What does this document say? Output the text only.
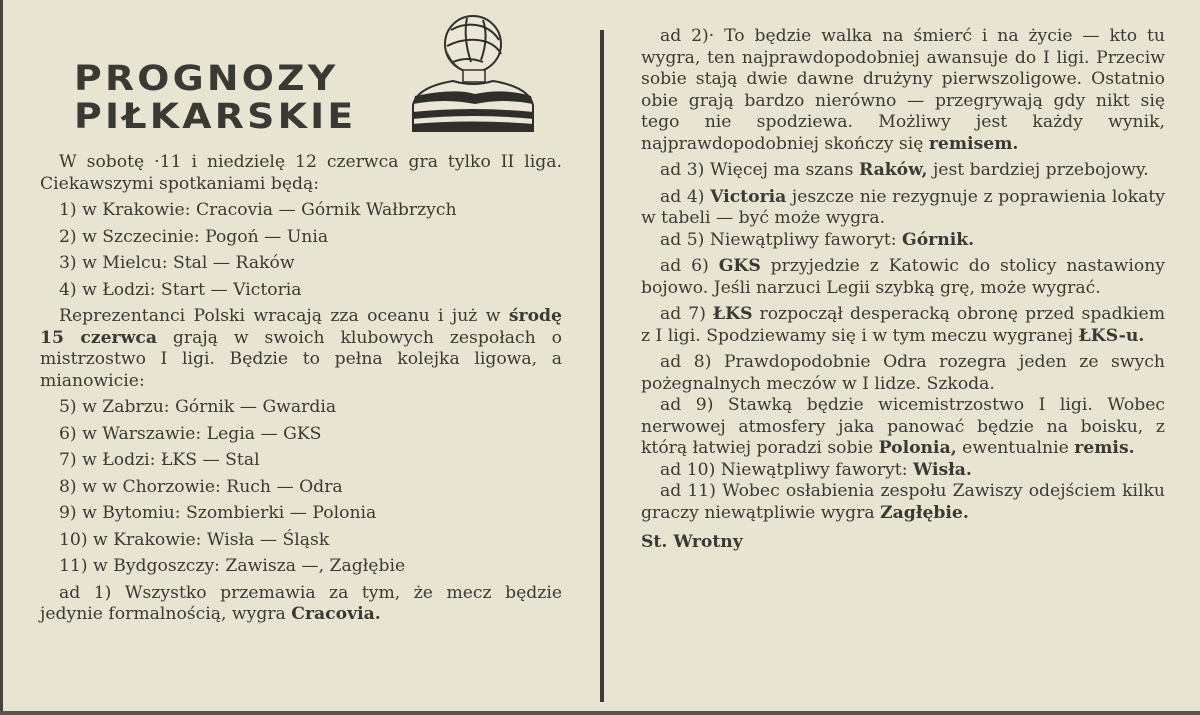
PROGNOZY
PIŁKARSKIE

W sobotę ·11 i niedzielę 12 czerwca gra tylko II liga. Ciekawszymi spotkaniami będą:

1) w Krakowie: Cracovia — Górnik Wałbrzych

2) w Szczecinie: Pogoń — Unia

3) w Mielcu: Stal — Raków

4) w Łodzi: Start — Victoria

Reprezentanci Polski wracają zza oceanu i już w środę 15 czerwca grają w swoich klubowych zespołach o mistrzostwo I ligi. Będzie to pełna kolejka ligowa, a mianowicie:

5) w Zabrzu: Górnik — Gwardia

6) w Warszawie: Legia — GKS

7) w Łodzi: ŁKS — Stal

8) w w Chorzowie: Ruch — Odra

9) w Bytomiu: Szombierki — Polonia

10) w Krakowie: Wisła — Śląsk

11) w Bydgoszczy: Zawisza —, Zagłębie

ad 1) Wszystko przemawia za tym, że mecz będzie jedynie formalnością, wygra Cracovia.

ad 2)· To będzie walka na śmierć i na życie — kto tu wygra, ten najprawdopodobniej awansuje do I ligi. Przeciw sobie stają dwie dawne drużyny pierwszoligowe. Ostatnio obie grają bardzo nierówno — przegrywają gdy nikt się tego nie spodziewa. Możliwy jest każdy wynik, najprawdopodobniej skończy się remisem.

ad 3) Więcej ma szans Raków, jest bardziej przebojowy.

ad 4) Victoria jeszcze nie rezygnuje z poprawienia lokaty w tabeli — być może wygra.

ad 5) Niewątpliwy faworyt: Górnik.

ad 6) GKS przyjedzie z Katowic do stolicy nastawiony bojowo. Jeśli narzuci Legii szybką grę, może wygrać.

ad 7) ŁKS rozpoczął desperacką obronę przed spadkiem z I ligi. Spodziewamy się i w tym meczu wygranej ŁKS-u.

ad 8) Prawdopodobnie Odra rozegra jeden ze swych pożegnalnych meczów w I lidze. Szkoda.

ad 9) Stawką będzie wicemistrzostwo I ligi. Wobec nerwowej atmosfery jaka panować będzie na boisku, z którą łatwiej poradzi sobie Polonia, ewentualnie remis.

ad 10) Niewątpliwy faworyt: Wisła.

ad 11) Wobec osłabienia zespołu Zawiszy odejściem kilku graczy niewątpliwie wygra Zagłębie.

St. Wrotny
